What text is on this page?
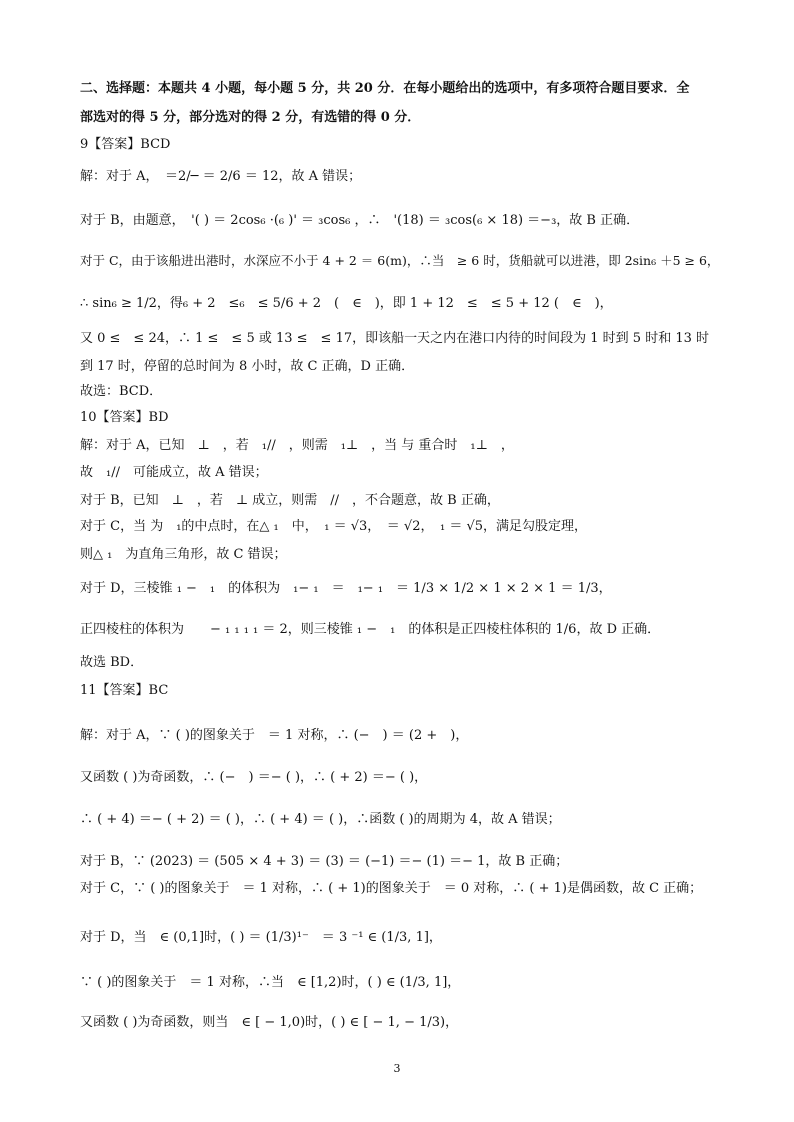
二、选择题：本题共 4 小题，每小题 5 分，共 20 分．在每小题给出的选项中，有多项符合题目要求．全
部选对的得 5 分，部分选对的得 2 分，有选错的得 0 分．
9【答案】BCD
解：对于 A，　＝2/─ ＝ 2/6 ＝ 12，故 A 错误；
对于 B，由题意，　'( ) ＝ 2cos₆ ·(₆ )' ＝ ₃cos₆ ，∴　'(18) ＝ ₃cos(₆ × 18) ＝−₃，故 B 正确．
对于 C，由于该船进出港时，水深应不小于 4 + 2 ＝ 6(m)，∴当　≥ 6 时，货船就可以进港，即 2sin₆ ＋5 ≥ 6，
∴ sin₆ ≥ 1/2，得₆ + 2　≤₆　≤ 5/6 + 2　(　∈　)，即 1 + 12　≤　≤ 5 + 12 (　∈　)，
又 0 ≤　≤ 24，∴ 1 ≤　≤ 5 或 13 ≤　≤ 17，即该船一天之内在港口内待的时间段为 1 时到 5 时和 13 时
到 17 时，停留的总时间为 8 小时，故 C 正确，D 正确．
故选：BCD．
10【答案】BD
解：对于 A，已知　⊥　，若　₁//　，则需　₁⊥　，当 与 重合时　₁⊥　，
故　₁//　可能成立，故 A 错误；
对于 B，已知　⊥　，若　⊥ 成立，则需　//　，不合题意，故 B 正确，
对于 C，当 为　₁的中点时，在△ ₁　中，　₁ ＝ √3，　＝ √2，　₁ ＝ √5，满足勾股定理，
则△ ₁　为直角三角形，故 C 错误；
对于 D，三棱锥 ₁ −　₁　的体积为　₁− ₁　＝　₁− ₁　＝ 1/3 × 1/2 × 1 × 2 × 1 ＝ 1/3，
正四棱柱的体积为　　− ₁ ₁ ₁ ₁ ＝ 2，则三棱锥 ₁ −　₁　的体积是正四棱柱体积的 1/6，故 D 正确．
故选 BD．
11【答案】BC
解：对于 A，∵ ( )的图象关于　＝ 1 对称，∴ (−　) ＝ (2 +　)，
又函数 ( )为奇函数，∴ (−　) ＝− ( )，∴ ( + 2) ＝− ( )，
∴ ( + 4) ＝− ( + 2) ＝ ( )，∴ ( + 4) ＝ ( )，∴函数 ( )的周期为 4，故 A 错误；
对于 B，∵ (2023) ＝ (505 × 4 + 3) ＝ (3) ＝ (−1) ＝− (1) ＝− 1，故 B 正确；
对于 C，∵ ( )的图象关于　＝ 1 对称，∴ ( + 1)的图象关于　＝ 0 对称，∴ ( + 1)是偶函数，故 C 正确；
对于 D，当　∈ (0,1]时，( ) ＝ (1/3)¹⁻　＝ 3 ⁻¹ ∈ (1/3, 1]，
∵ ( )的图象关于　＝ 1 对称，∴当　∈ [1,2)时，( ) ∈ (1/3, 1]，
又函数 ( )为奇函数，则当　∈ [ − 1,0)时，( ) ∈ [ − 1, − 1/3)，
3
